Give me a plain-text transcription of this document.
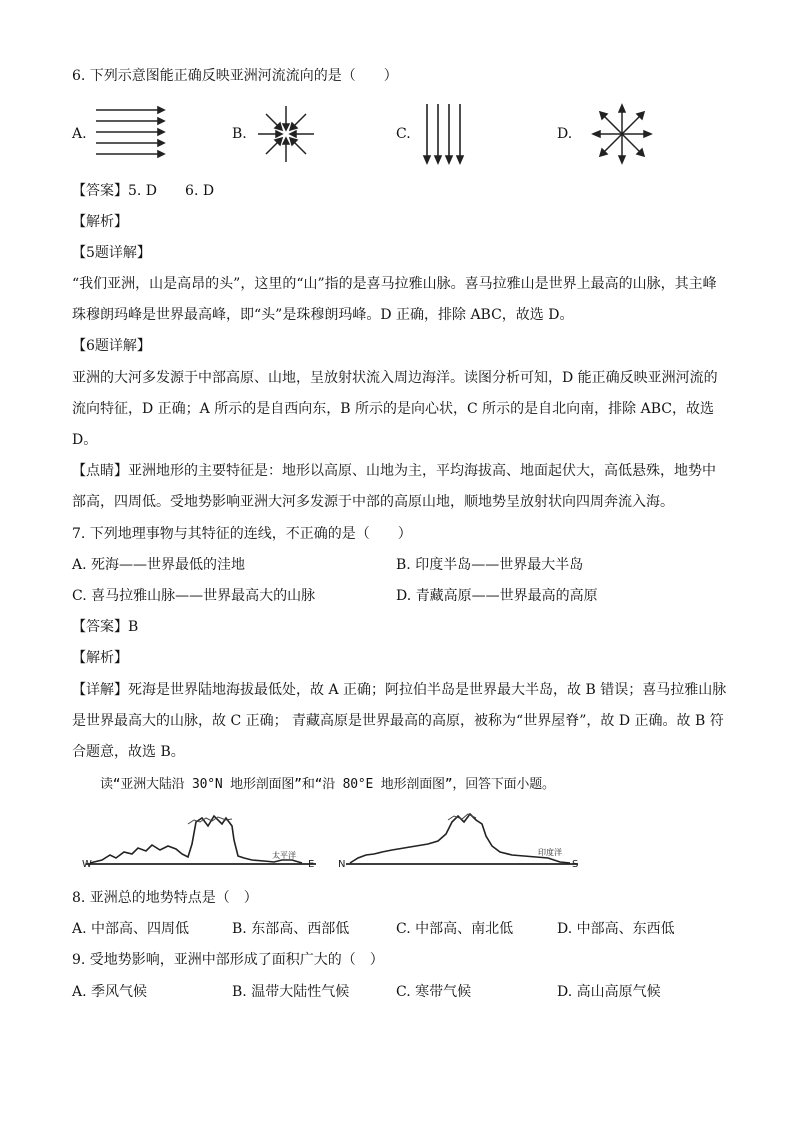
6. 下列示意图能正确反映亚洲河流流向的是（　　）
A.	B.	C.	D.
【答案】5. D　　6. D
【解析】
【5题详解】
“我们亚洲，山是高昂的头”，这里的“山”指的是喜马拉雅山脉。喜马拉雅山是世界上最高的山脉，其主峰
珠穆朗玛峰是世界最高峰，即“头”是珠穆朗玛峰。D 正确，排除 ABC，故选 D。
【6题详解】
亚洲的大河多发源于中部高原、山地，呈放射状流入周边海洋。读图分析可知，D 能正确反映亚洲河流的
流向特征，D 正确；A 所示的是自西向东，B 所示的是向心状，C 所示的是自北向南，排除 ABC，故选
D。
【点睛】亚洲地形的主要特征是：地形以高原、山地为主，平均海拔高、地面起伏大，高低悬殊，地势中
部高，四周低。受地势影响亚洲大河多发源于中部的高原山地，顺地势呈放射状向四周奔流入海。
7. 下列地理事物与其特征的连线，不正确的是（　　）
A. 死海——世界最低的洼地	B. 印度半岛——世界最大半岛
C. 喜马拉雅山脉——世界最高大的山脉	D. 青藏高原——世界最高的高原
【答案】B
【解析】
【详解】死海是世界陆地海拔最低处，故 A 正确；阿拉伯半岛是世界最大半岛，故 B 错误；喜马拉雅山脉
是世界最高大的山脉，故 C 正确； 青藏高原是世界最高的高原，被称为“世界屋脊”，故 D 正确。故 B 符
合题意，故选 B。
读“亚洲大陆沿 30°N 地形剖面图”和“沿 80°E 地形剖面图”，回答下面小题。
W	E
太平洋
N	S
印度洋
8. 亚洲总的地势特点是（　）
A. 中部高、四周低	B. 东部高、西部低	C. 中部高、南北低	D. 中部高、东西低
9. 受地势影响，亚洲中部形成了面积广大的（　）
A. 季风气候	B. 温带大陆性气候	C. 寒带气候	D. 高山高原气候
